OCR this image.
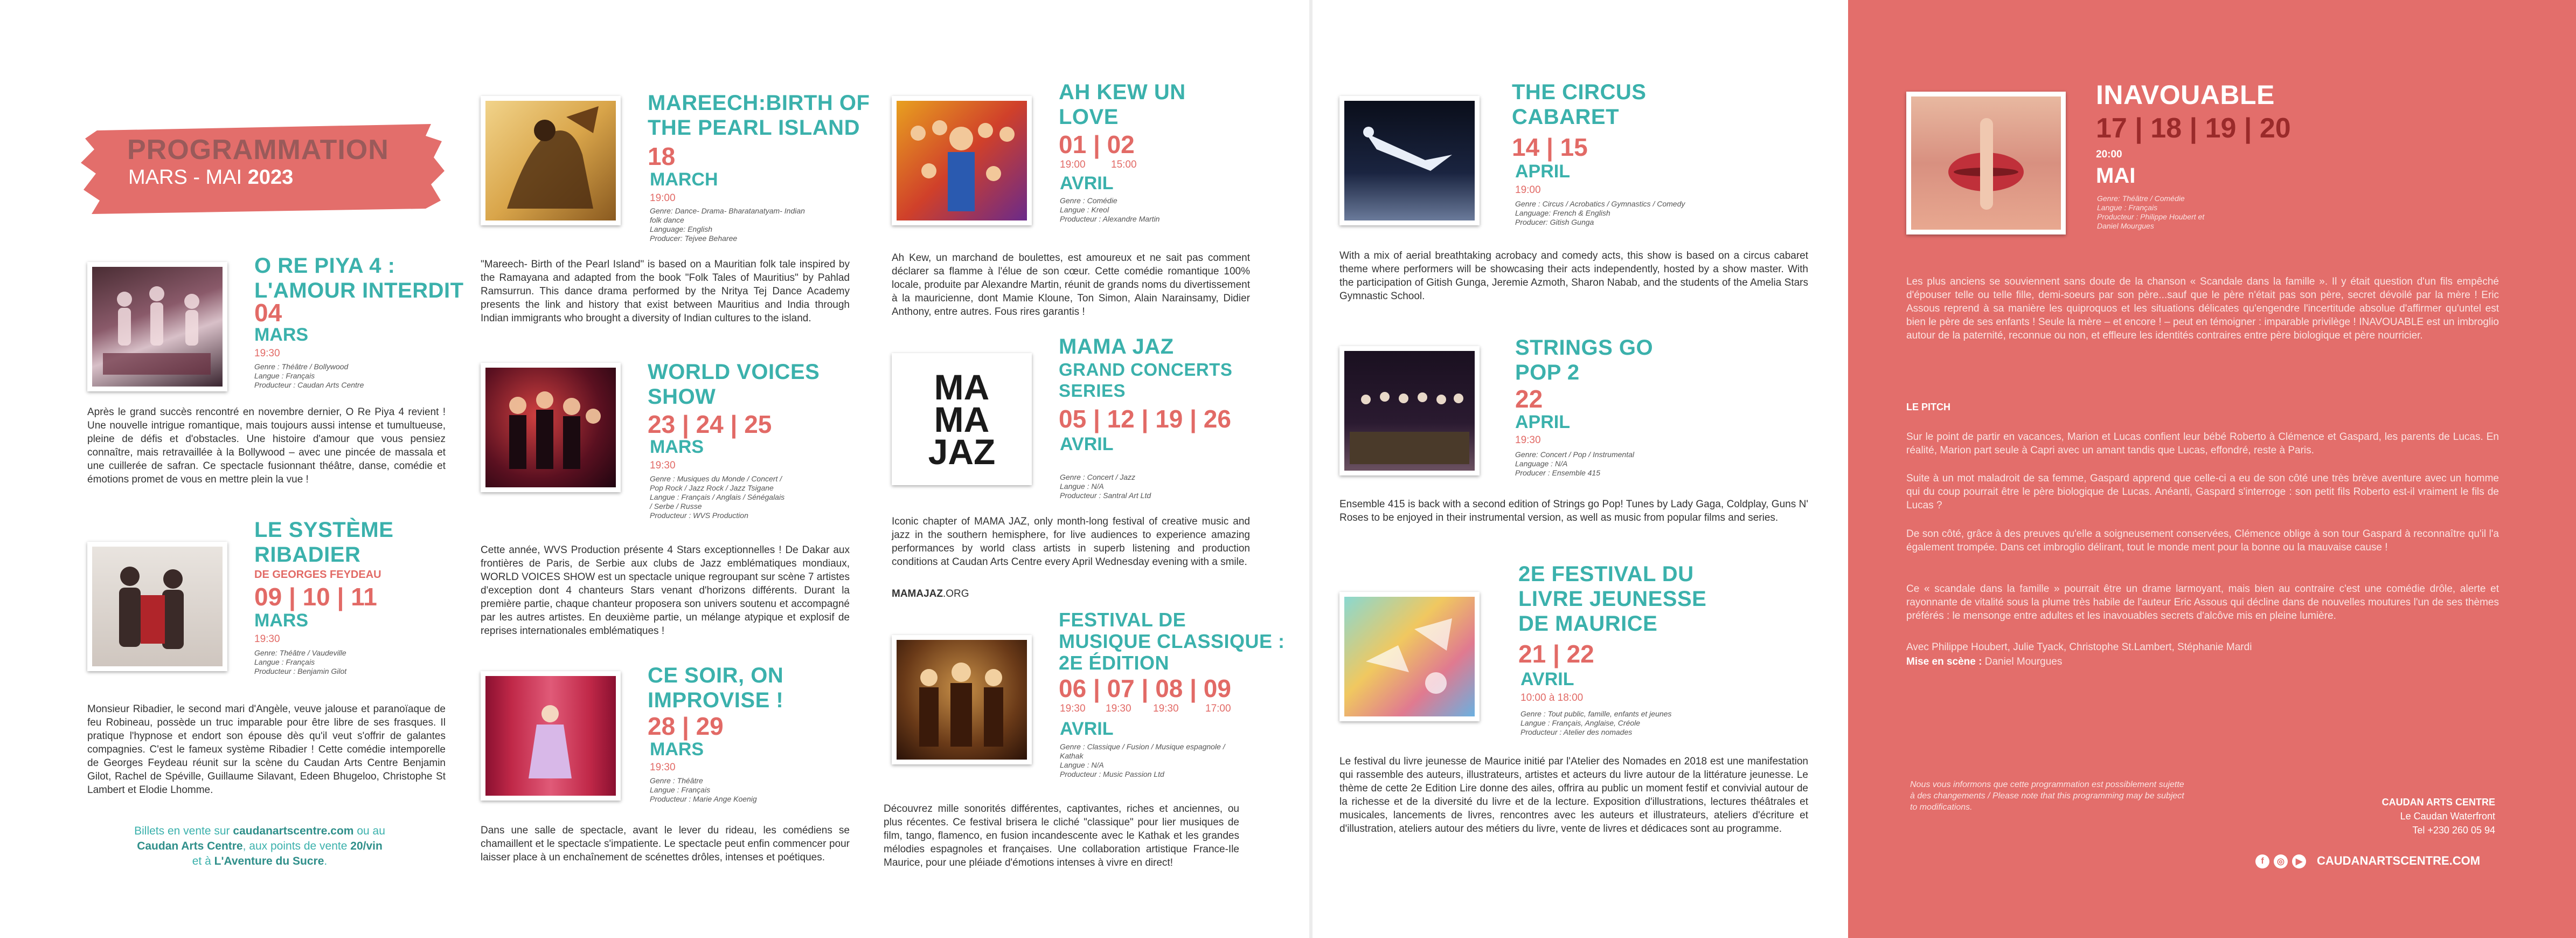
PROGRAMMATION
MARS - MAI 2023
O RE PIYA 4 :
L'AMOUR INTERDIT
04
MARS
19:30
Genre : Théâtre / Bollywood
Langue : Français
Producteur : Caudan Arts Centre
Après le grand succès rencontré en novembre dernier, O Re Piya 4 revient ! Une nouvelle intrigue romantique, mais toujours aussi intense et tumultueuse, pleine de défis et d'obstacles. Une histoire d'amour que vous pensiez connaître, mais retravaillée à la Bollywood – avec une pincée de massala et une cuillerée de safran. Ce spectacle fusionnant théâtre, danse, comédie et émotions promet de vous en mettre plein la vue !
LE SYSTÈME
RIBADIER
DE GEORGES FEYDEAU
09 | 10 | 11
MARS
19:30
Genre: Théâtre / Vaudeville
Langue : Français
Producteur : Benjamin Gilot
Monsieur Ribadier, le second mari d'Angèle, veuve jalouse et paranoïaque de feu Robineau, possède un truc imparable pour être libre de ses frasques. Il pratique l'hypnose et endort son épouse dès qu'il veut s'offrir de galantes compagnies. C'est le fameux système Ribadier ! Cette comédie intemporelle de Georges Feydeau réunit sur la scène du Caudan Arts Centre Benjamin Gilot, Rachel de Spéville, Guillaume Silavant, Edeen Bhugeloo, Christophe St Lambert et Elodie Lhomme.
Billets en vente sur caudanartscentre.com ou au
Caudan Arts Centre, aux points de vente 20/vin
et à L'Aventure du Sucre.
MAREECH:BIRTH OF
THE PEARL ISLAND
18
MARCH
19:00
Genre: Dance- Drama- Bharatanatyam- Indian
folk dance
Language: English
Producer: Tejvee Beharee
"Mareech- Birth of the Pearl Island" is based on a Mauritian folk tale inspired by the Ramayana and adapted from the book "Folk Tales of Mauritius" by Pahlad Ramsurrun. This dance drama performed by the Nritya Tej Dance Academy presents the link and history that exist between Mauritius and India through Indian immigrants who brought a diversity of Indian cultures to the island.
WORLD VOICES
SHOW
23 | 24 | 25
MARS
19:30
Genre : Musiques du Monde / Concert /
Pop Rock / Jazz Rock / Jazz Tsigane
Langue : Français / Anglais / Sénégalais
/ Serbe / Russe
Producteur : WVS Production
Cette année, WVS Production présente 4 Stars exceptionnelles ! De Dakar aux frontières de Paris, de Serbie aux clubs de Jazz emblématiques mondiaux, WORLD VOICES SHOW est un spectacle unique regroupant sur scène 7 artistes d'exception dont 4 chanteurs Stars venant d'horizons différents. Durant la première partie, chaque chanteur proposera son univers soutenu et accompagné par les autres artistes. En deuxième partie, un mélange atypique et explosif de reprises internationales emblématiques !
CE SOIR, ON
IMPROVISE !
28 | 29
MARS
19:30
Genre : Théâtre
Langue : Français
Producteur : Marie Ange Koenig
Dans une salle de spectacle, avant le lever du rideau, les comédiens se chamaillent et le spectacle s'impatiente. Le spectacle peut enfin commencer pour laisser place à un enchaînement de scénettes drôles, intenses et poétiques.
AH KEW UN
LOVE
01 | 02
19:00 15:00
AVRIL
Genre : Comédie
Langue : Kreol
Producteur : Alexandre Martin
Ah Kew, un marchand de boulettes, est amoureux et ne sait pas comment déclarer sa flamme à l'élue de son cœur. Cette comédie romantique 100% locale, produite par Alexandre Martin, réunit de grands noms du divertissement à la mauricienne, dont Mamie Kloune, Ton Simon, Alain Narainsamy, Didier Anthony, entre autres. Fous rires garantis !
MA
MA
JAZ
MAMA JAZ
GRAND CONCERTS
SERIES
05 | 12 | 19 | 26
AVRIL
Genre : Concert / Jazz
Langue : N/A
Producteur : Santral Art Ltd
Iconic chapter of MAMA JAZ, only month-long festival of creative music and jazz in the southern hemisphere, for live audiences to experience amazing performances by world class artists in superb listening and production conditions at Caudan Arts Centre every April Wednesday evening with a smile.
MAMAJAZ.ORG
FESTIVAL DE
MUSIQUE CLASSIQUE :
2E ÉDITION
06 | 07 | 08 | 09
19:30 19:30 19:30	17:00
AVRIL
Genre : Classique / Fusion / Musique espagnole /
Kathak
Langue : N/A
Producteur : Music Passion Ltd
Découvrez mille sonorités différentes, captivantes, riches et anciennes, ou plus récentes. Ce festival brisera le cliché "classique" pour lier musiques de film, tango, flamenco, en fusion incandescente avec le Kathak et les grandes mélodies espagnoles et françaises. Une collaboration artistique France-Ile Maurice, pour une pléiade d'émotions intenses à vivre en direct!
THE CIRCUS
CABARET
14 | 15
APRIL
19:00
Genre : Circus / Acrobatics / Gymnastics / Comedy
Language: French & English
Producer: Gitish Gunga
With a mix of aerial breathtaking acrobacy and comedy acts, this show is based on a circus cabaret theme where performers will be showcasing their acts independently, hosted by a show master. With the participation of Gitish Gunga, Jeremie Azmoth, Sharon Nabab, and the students of the Amelia Stars Gymnastic School.
STRINGS GO
POP 2
22
APRIL
19:30
Genre: Concert / Pop / Instrumental
Language : N/A
Producer : Ensemble 415
Ensemble 415 is back with a second edition of Strings go Pop! Tunes by Lady Gaga, Coldplay, Guns N' Roses to be enjoyed in their instrumental version, as well as music from popular films and series.
2E FESTIVAL DU
LIVRE JEUNESSE
DE MAURICE
21 | 22
AVRIL
10:00 à 18:00
Genre : Tout public, famille, enfants et jeunes
Langue : Français, Anglaise, Créole
Producteur : Atelier des nomades
Le festival du livre jeunesse de Maurice initié par l'Atelier des Nomades en 2018 est une manifestation qui rassemble des auteurs, illustrateurs, artistes et acteurs du livre autour de la littérature jeunesse. Le thème de cette 2e Edition Lire donne des ailes, offrira au public un moment festif et convivial autour de la richesse et de la diversité du livre et de la lecture. Exposition d'illustrations, lectures théâtrales et musicales, lancements de livres, rencontres avec les auteurs et illustrateurs, ateliers d'écriture et d'illustration, ateliers autour des métiers du livre, vente de livres et dédicaces sont au programme.
INAVOUABLE
17 | 18 | 19 | 20
20:00
MAI
Genre: Théâtre / Comédie
Langue : Français
Producteur : Philippe Houbert et
Daniel Mourgues
Les plus anciens se souviennent sans doute de la chanson « Scandale dans la famille ». Il y était question d'un fils empêché d'épouser telle ou telle fille, demi-soeurs par son père...sauf que le père n'était pas son père, secret dévoilé par la mère ! Eric Assous reprend à sa manière les quiproquos et les situations délicates qu'engendre l'incertitude absolue d'affirmer qu'untel est bien le père de ses enfants ! Seule la mère – et encore ! – peut en témoigner : imparable privilège ! INAVOUABLE est un imbroglio autour de la paternité, reconnue ou non, et effleure les identités contraires entre père biologique et père nourricier.
LE PITCH
Sur le point de partir en vacances, Marion et Lucas confient leur bébé Roberto à Clémence et Gaspard, les parents de Lucas. En réalité, Marion part seule à Capri avec un amant tandis que Lucas, effondré, reste à Paris.
Suite à un mot maladroit de sa femme, Gaspard apprend que celle-ci a eu de son côté une très brève aventure avec un homme qui du coup pourrait être le père biologique de Lucas. Anéanti, Gaspard s'interroge : son petit fils Roberto est-il vraiment le fils de Lucas ?
De son côté, grâce à des preuves qu'elle a soigneusement conservées, Clémence oblige à son tour Gaspard à reconnaître qu'il l'a également trompée. Dans cet imbroglio délirant, tout le monde ment pour la bonne ou la mauvaise cause !
Ce « scandale dans la famille » pourrait être un drame larmoyant, mais bien au contraire c'est une comédie drôle, alerte et rayonnante de vitalité sous la plume très habile de l'auteur Eric Assous qui décline dans de nouvelles moutures l'un de ses thèmes préférés : le mensonge entre adultes et les inavouables secrets d'alcôve mis en pleine lumière.
Avec Philippe Houbert, Julie Tyack, Christophe St.Lambert, Stéphanie Mardi
Mise en scène : Daniel Mourgues
Nous vous informons que cette programmation est possiblement sujette à des changements / Please note that this programming may be subject to modifications.	CAUDAN ARTS CENTRE
Le Caudan Waterfront
Tel +230 260 05 94
f	◎	▶	CAUDANARTSCENTRE.COM
